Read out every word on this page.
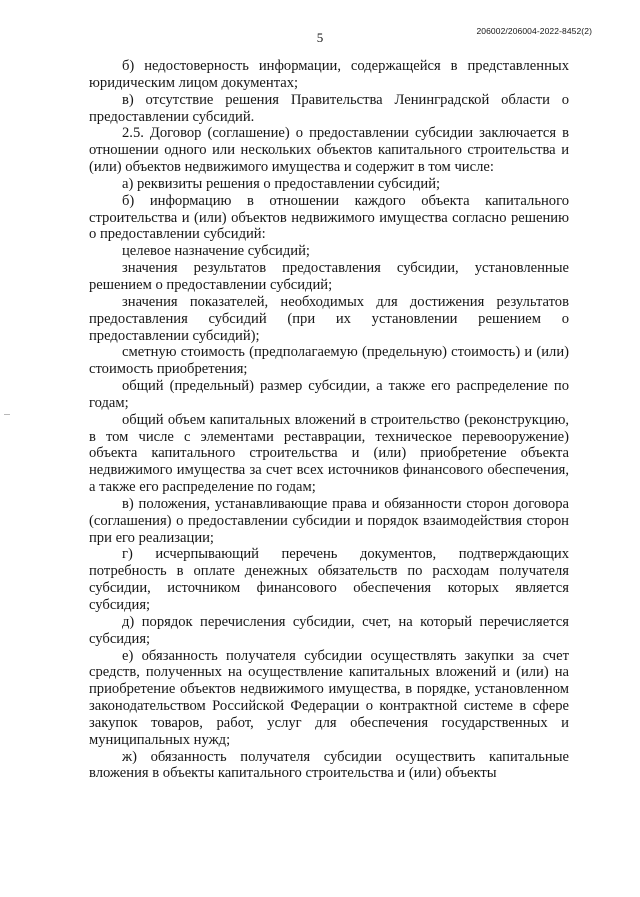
5	206002/206004-2022-8452(2)

б) недостоверность информации, содержащейся в представленных юридическим лицом документах;

в) отсутствие решения Правительства Ленинградской области о предоставлении субсидий.

2.5. Договор (соглашение) о предоставлении субсидии заключается в отношении одного или нескольких объектов капитального строительства и (или) объектов недвижимого имущества и содержит в том числе:

а) реквизиты решения о предоставлении субсидий;

б) информацию в отношении каждого объекта капитального строительства и (или) объектов недвижимого имущества согласно решению о предоставлении субсидий:

целевое назначение субсидий;

значения результатов предоставления субсидии, установленные решением о предоставлении субсидий;

значения показателей, необходимых для достижения результатов предоставления субсидий (при их установлении решением о предоставлении субсидий);

сметную стоимость (предполагаемую (предельную) стоимость) и (или) стоимость приобретения;

общий (предельный) размер субсидии, а также его распределение по годам;

общий объем капитальных вложений в строительство (реконструкцию, в том числе с элементами реставрации, техническое перевооружение) объекта капитального строительства и (или) приобретение объекта недвижимого имущества за счет всех источников финансового обеспечения, а также его распределение по годам;

в) положения, устанавливающие права и обязанности сторон договора (соглашения) о предоставлении субсидии и порядок взаимодействия сторон при его реализации;

г) исчерпывающий перечень документов, подтверждающих потребность в оплате денежных обязательств по расходам получателя субсидии, источником финансового обеспечения которых является субсидия;

д) порядок перечисления субсидии, счет, на который перечисляется субсидия;

е) обязанность получателя субсидии осуществлять закупки за счет средств, полученных на осуществление капитальных вложений и (или) на приобретение объектов недвижимого имущества, в порядке, установленном законодательством Российской Федерации о контрактной системе в сфере закупок товаров, работ, услуг для обеспечения государственных и муниципальных нужд;

ж) обязанность получателя субсидии осуществить капитальные вложения в объекты капитального строительства и (или) объекты
